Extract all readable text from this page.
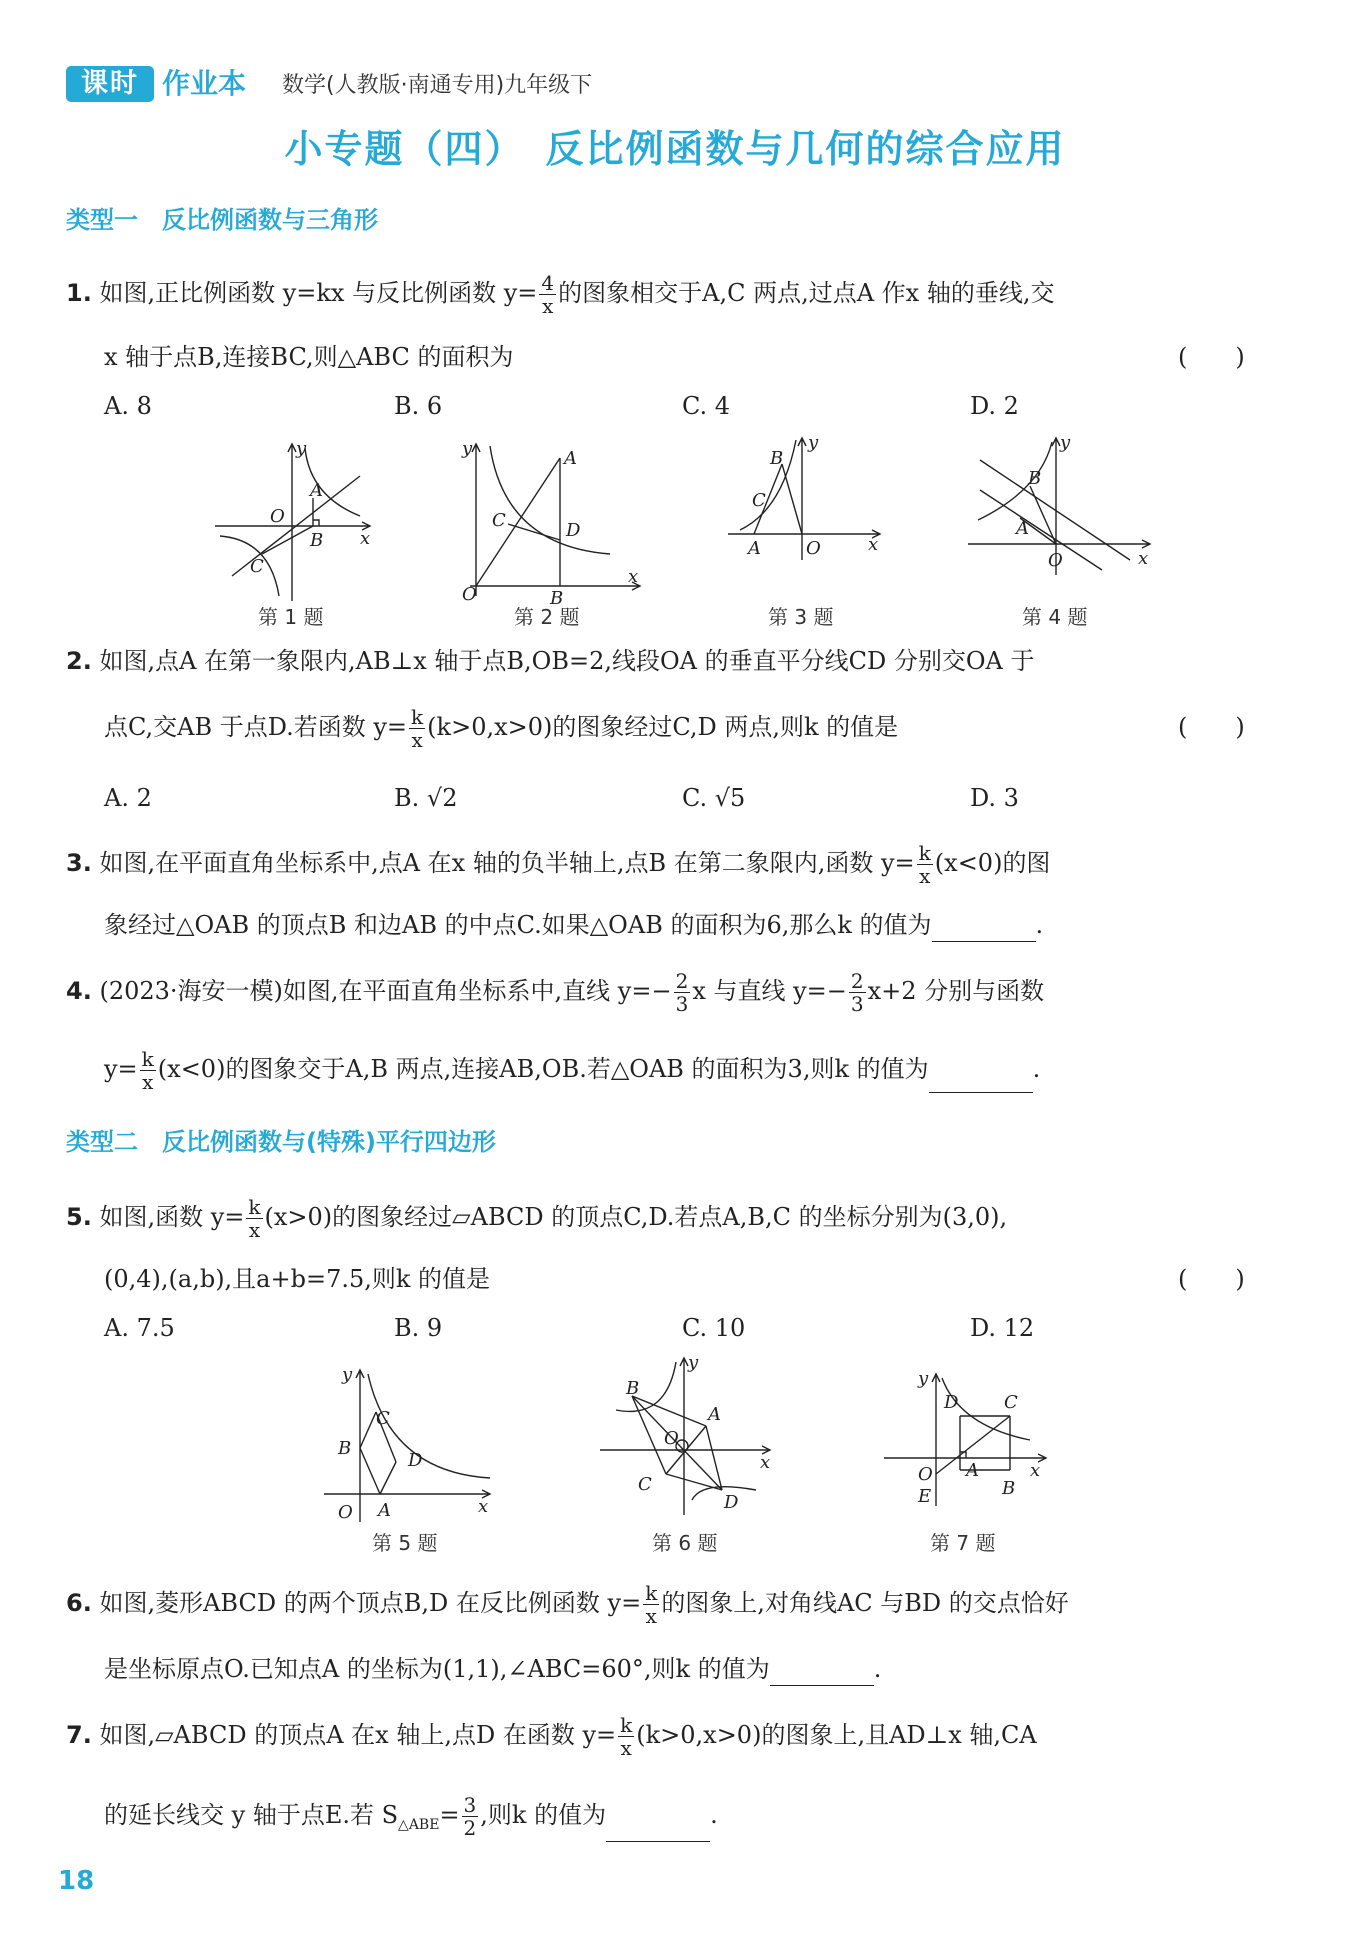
课时 作业本 数学(人教版·南通专用)九年级下
小专题（四）　反比例函数与几何的综合应用
类型一　反比例函数与三角形
1. 如图,正比例函数 y=kx 与反比例函数 $y= \frac{4}{x}$ 的图象相交于A,C 两点,过点A 作x 轴的垂线,交
x 轴于点B,连接BC,则△ABC 的面积为	(　　)
A. 8	B. 6	C. 4	D. 2
y
x
O
A
B
C
y
x
O
A
B
C	D
y
x
O
A
B
C
y
x
O
A
B
第 1 题	第 2 题	第 3 题	第 4 题
2. 如图,点A 在第一象限内,AB⊥x 轴于点B,OB=2,线段OA 的垂直平分线CD 分别交OA 于
点C,交AB 于点D.若函数 $y= \frac{k}{x} (k>0,x>0)$的图象经过C,D 两点,则k 的值是	(　　)
A. 2	B. √2	C. √5	D. 3
3. 如图,在平面直角坐标系中,点A 在x 轴的负半轴上,点B 在第二象限内,函数 $y= \frac{k}{x} (x<0)$的图
象经过△OAB 的顶点B 和边AB 的中点C.如果△OAB 的面积为6,那么k 的值为	.
4. (2023·海安一模)如图,在平面直角坐标系中,直线 $y=- \frac{2}{3}$ x 与直线 $y=- \frac{2}{3} x+2$ 分别与函数
$y= \frac{k}{x} (x<0)$的图象交于A,B 两点,连接AB,OB.若△OAB 的面积为3,则k 的值为	.
类型二　反比例函数与(特殊)平行四边形
5. 如图,函数 $y= \frac{k}{x} (x>0)$的图象经过▱ABCD 的顶点C,D.若点A,B,C 的坐标分别为(3,0),
(0,4),(a,b),且a+b=7.5,则k 的值是	(　　)
A. 7.5	B. 9	C. 10	D. 12
y
x
O A
B
C
D
y
x
O
A
B
C
D
y
x
O A
B
C
D
E
第 5 题	第 6 题	第 7 题
6. 如图,菱形ABCD 的两个顶点B,D 在反比例函数 $y= \frac{k}{x}$ 的图象上,对角线AC 与BD 的交点恰好
是坐标原点O.已知点A 的坐标为(1,1),∠ABC=60°,则k 的值为	.
7. 如图,▱ABCD 的顶点A 在x 轴上,点D 在函数 $y= \frac{k}{x} (k>0,x>0)$的图象上,且AD⊥x 轴,CA
的延长线交 y 轴于点E.若 $S_{\triangle ABE}= \frac{3}{2}$ ,则k 的值为	.
18
